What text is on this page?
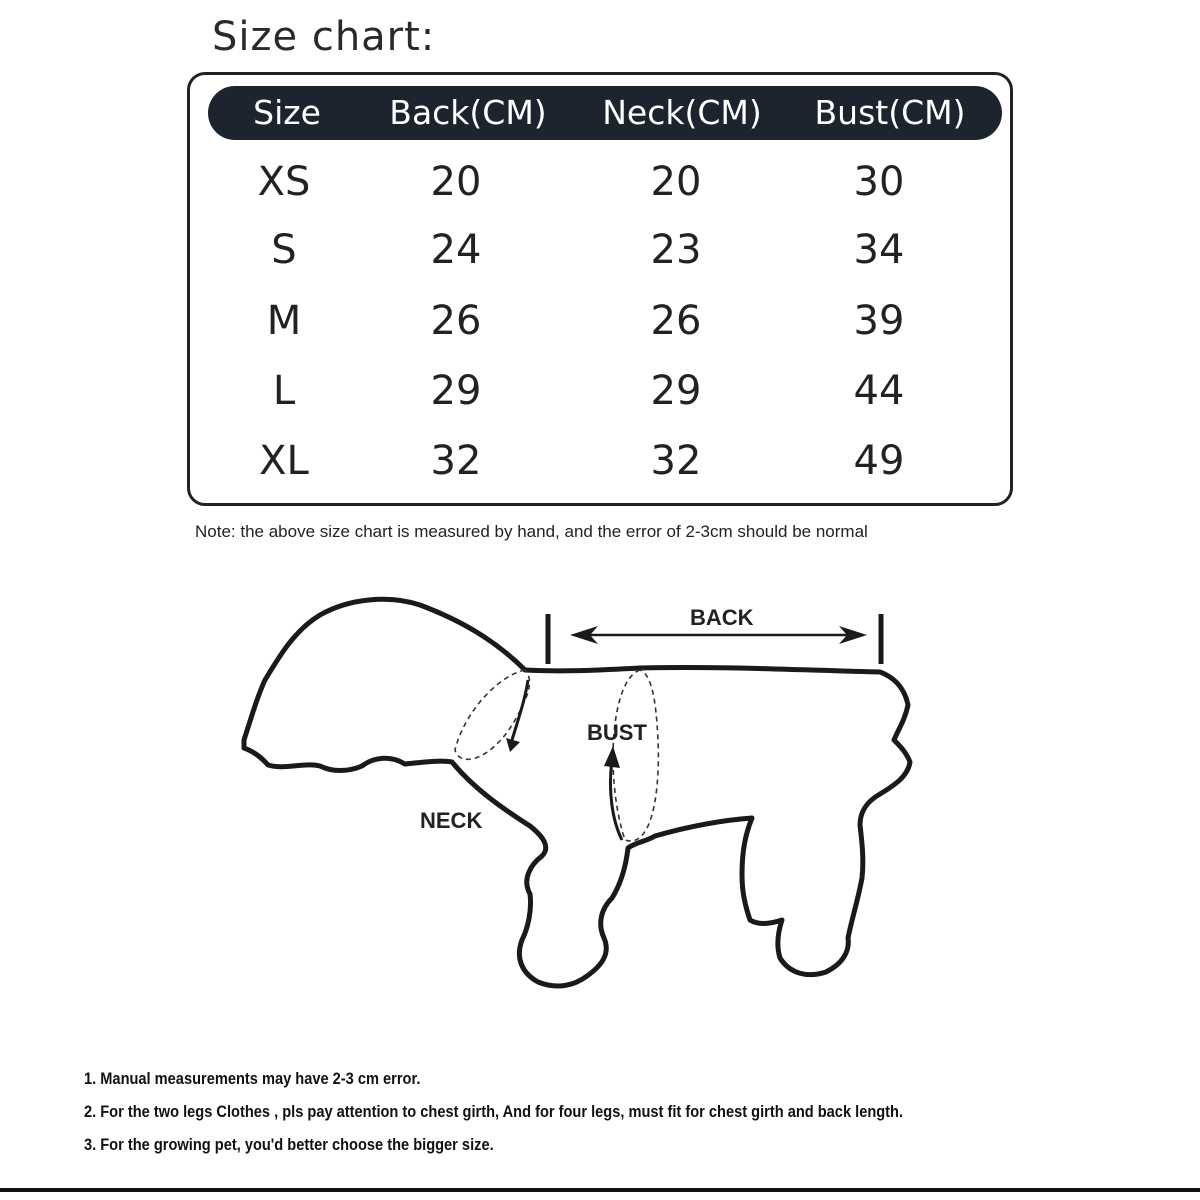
Size chart:
Size Back(CM) Neck(CM) Bust(CM)
XS	20	20	30
S	24	23	34
M	26	26	39
L	29	29	44
XL	32	32	49
Note: the above size chart is measured by hand, and the error of 2-3cm should be normal
BACK
BUST
NECK
1. Manual measurements may have 2-3 cm error.
2. For the two legs Clothes , pls pay attention to chest girth, And for four legs, must fit for chest girth and back length.
3. For the growing pet, you'd better choose the bigger size.
